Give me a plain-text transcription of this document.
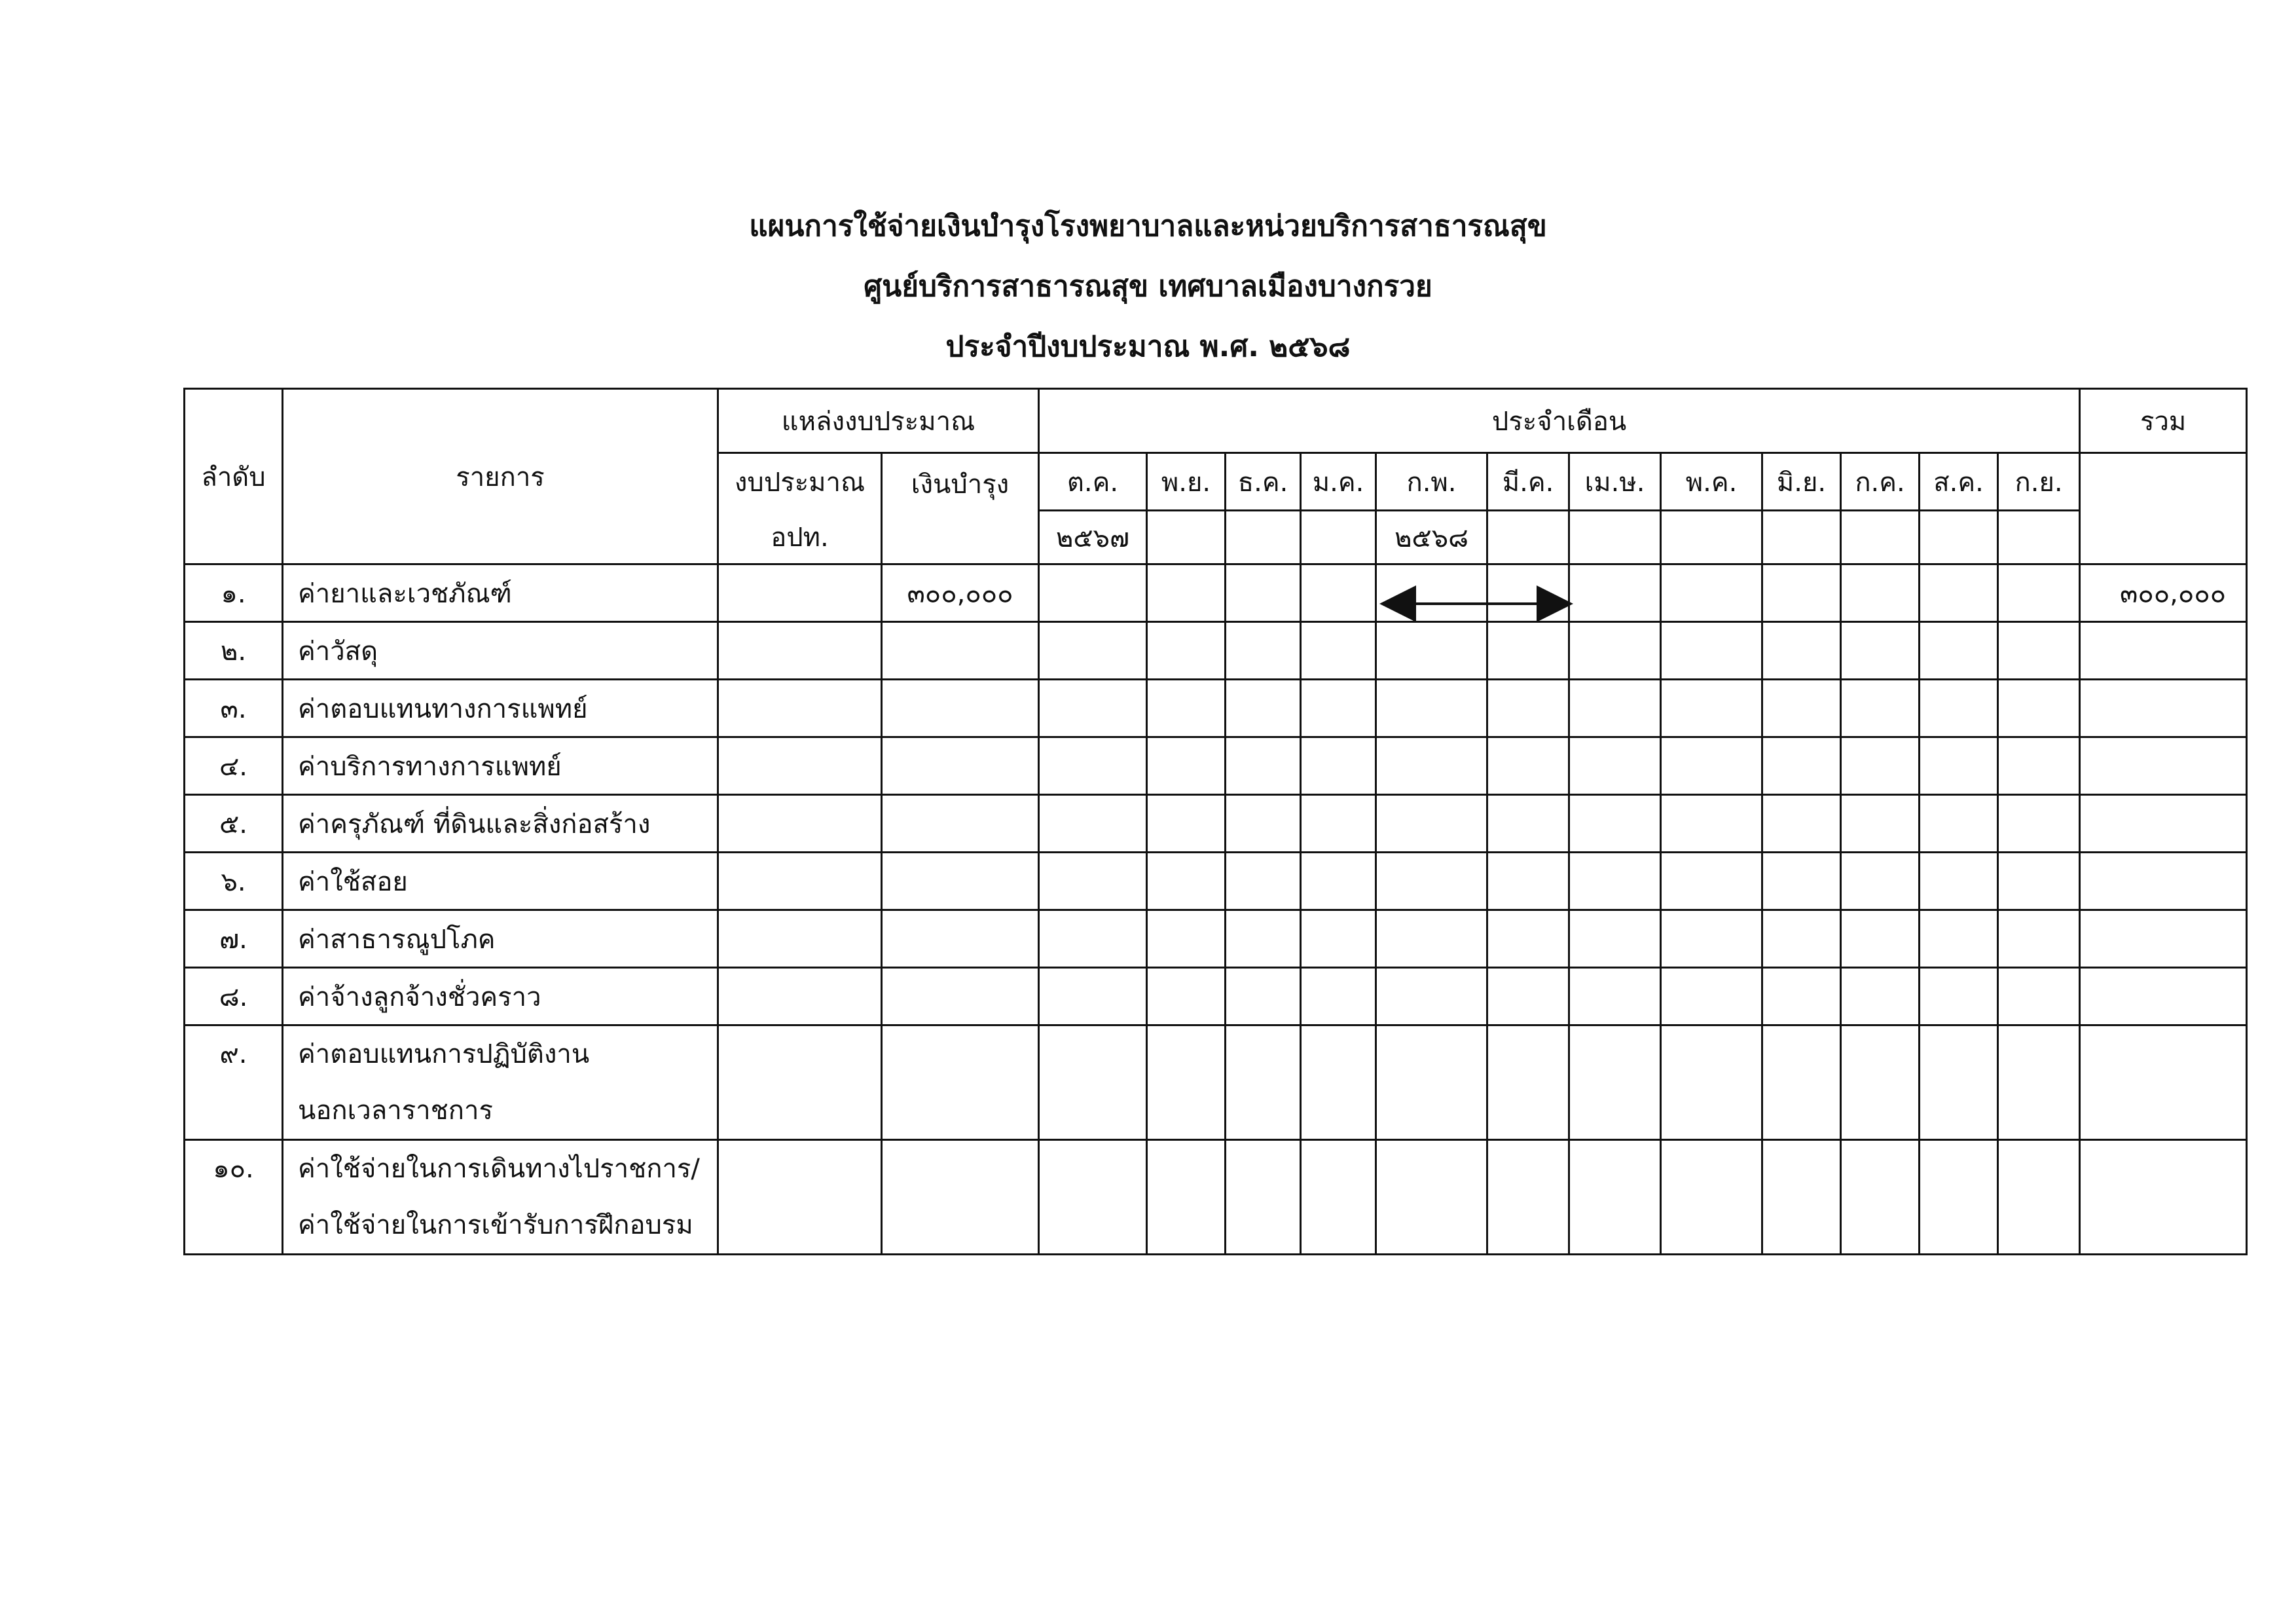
แผนการใช้จ่ายเงินบำรุงโรงพยาบาลและหน่วยบริการสาธารณสุข

ศูนย์บริการสาธารณสุข เทศบาลเมืองบางกรวย

ประจำปีงบประมาณ พ.ศ. ๒๕๖๘

ลำดับ	รายการ	แหล่งงบประมาณ		ประจำเดือน												รวม
		งบประมาณ	เงินบำรุง	ต.ค.	พ.ย.	ธ.ค.	ม.ค.	ก.พ.	มี.ค.	เม.ษ.	พ.ค.	มิ.ย.	ก.ค.	ส.ค.	ก.ย.	
		อปท.		๒๕๖๗				๒๕๖๘								
๑.	ค่ายาและเวชภัณฑ์		๓๐๐,๐๐๐													๓๐๐,๐๐๐
๒.	ค่าวัสดุ															
๓.	ค่าตอบแทนทางการแพทย์															
๔.	ค่าบริการทางการแพทย์															
๕.	ค่าครุภัณฑ์ ที่ดินและสิ่งก่อสร้าง															
๖.	ค่าใช้สอย															
๗.	ค่าสาธารณูปโภค															
๘.	ค่าจ้างลูกจ้างชั่วคราว															
๙.	ค่าตอบแทนการปฏิบัติงาน
นอกเวลาราชการ															
๑๐.	ค่าใช้จ่ายในการเดินทางไปราชการ/
ค่าใช้จ่ายในการเข้ารับการฝึกอบรม															
